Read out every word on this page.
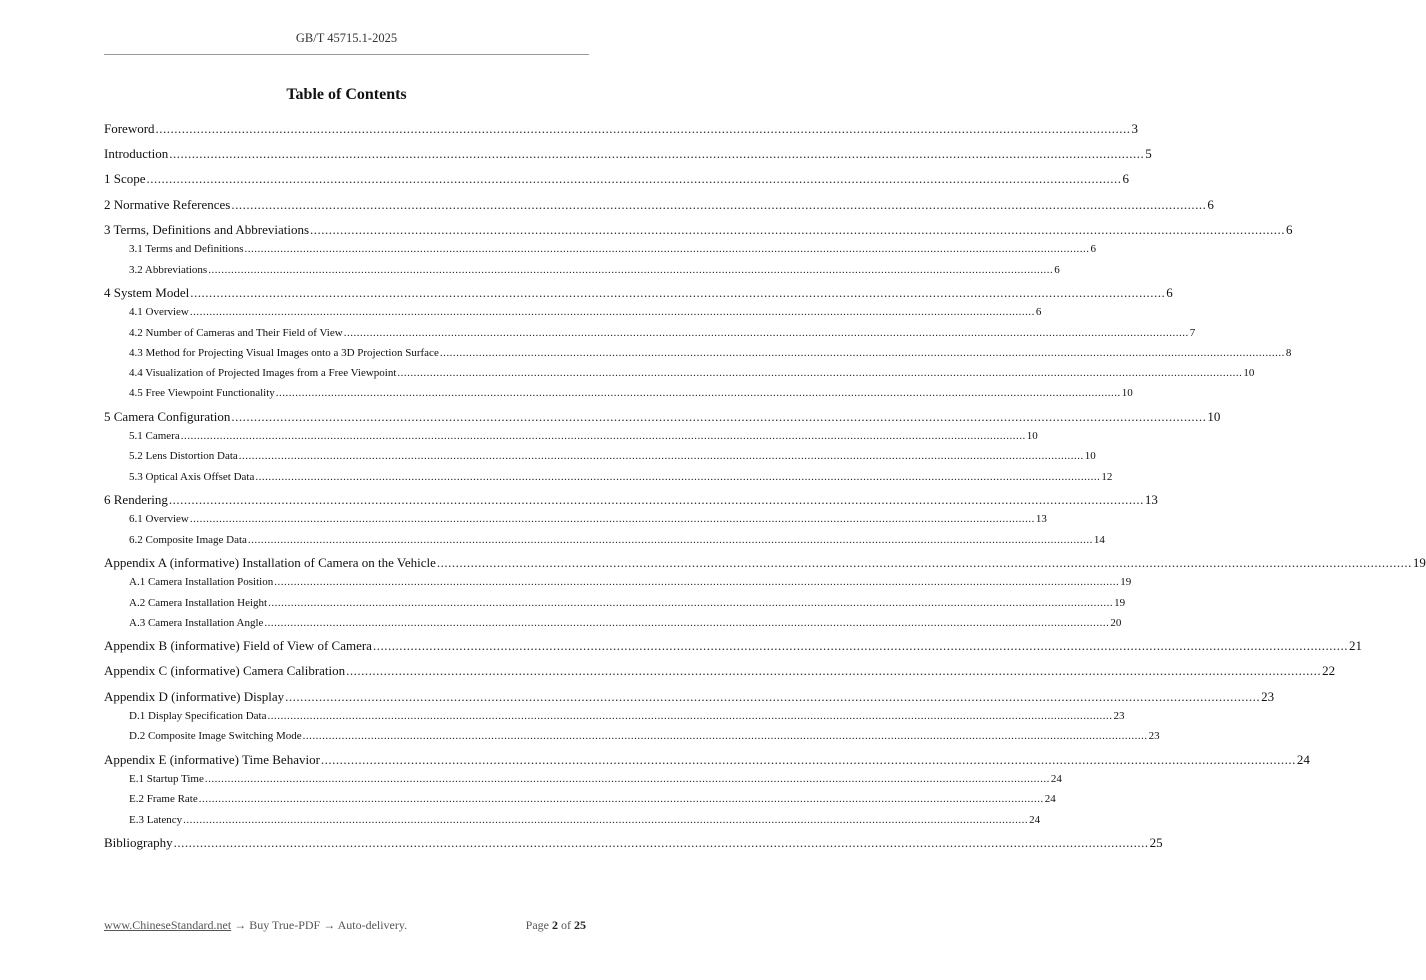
GB/T 45715.1-2025
Table of Contents
Foreword .................................................................................................................................................................................................................................................................... 3
Introduction .................................................................................................................................................................................................................................................................... 5
1 Scope .................................................................................................................................................................................................................................................................... 6
2 Normative References .................................................................................................................................................................................................................................................................... 6
3 Terms, Definitions and Abbreviations .................................................................................................................................................................................................................................................................... 6
3.1 Terms and Definitions .................................................................................................................................................................................................................................................................... 6
3.2 Abbreviations .................................................................................................................................................................................................................................................................... 6
4 System Model .................................................................................................................................................................................................................................................................... 6
4.1 Overview .................................................................................................................................................................................................................................................................... 6
4.2 Number of Cameras and Their Field of View .................................................................................................................................................................................................................................................................... 7
4.3 Method for Projecting Visual Images onto a 3D Projection Surface .................................................................................................................................................................................................................................................................... 8
4.4 Visualization of Projected Images from a Free Viewpoint .................................................................................................................................................................................................................................................................... 10
4.5 Free Viewpoint Functionality .................................................................................................................................................................................................................................................................... 10
5 Camera Configuration .................................................................................................................................................................................................................................................................... 10
5.1 Camera .................................................................................................................................................................................................................................................................... 10
5.2 Lens Distortion Data .................................................................................................................................................................................................................................................................... 10
5.3 Optical Axis Offset Data .................................................................................................................................................................................................................................................................... 12
6 Rendering .................................................................................................................................................................................................................................................................... 13
6.1 Overview .................................................................................................................................................................................................................................................................... 13
6.2 Composite Image Data .................................................................................................................................................................................................................................................................... 14
Appendix A (informative) Installation of Camera on the Vehicle .................................................................................................................................................................................................................................................................... 19
A.1 Camera Installation Position .................................................................................................................................................................................................................................................................... 19
A.2 Camera Installation Height .................................................................................................................................................................................................................................................................... 19
A.3 Camera Installation Angle .................................................................................................................................................................................................................................................................... 20
Appendix B (informative) Field of View of Camera .................................................................................................................................................................................................................................................................... 21
Appendix C (informative) Camera Calibration .................................................................................................................................................................................................................................................................... 22
Appendix D (informative) Display .................................................................................................................................................................................................................................................................... 23
D.1 Display Specification Data .................................................................................................................................................................................................................................................................... 23
D.2 Composite Image Switching Mode .................................................................................................................................................................................................................................................................... 23
Appendix E (informative) Time Behavior .................................................................................................................................................................................................................................................................... 24
E.1 Startup Time .................................................................................................................................................................................................................................................................... 24
E.2 Frame Rate .................................................................................................................................................................................................................................................................... 24
E.3 Latency .................................................................................................................................................................................................................................................................... 24
Bibliography .................................................................................................................................................................................................................................................................... 25
www.ChineseStandard.net → Buy True-PDF → Auto-delivery.	Page 2 of 25
